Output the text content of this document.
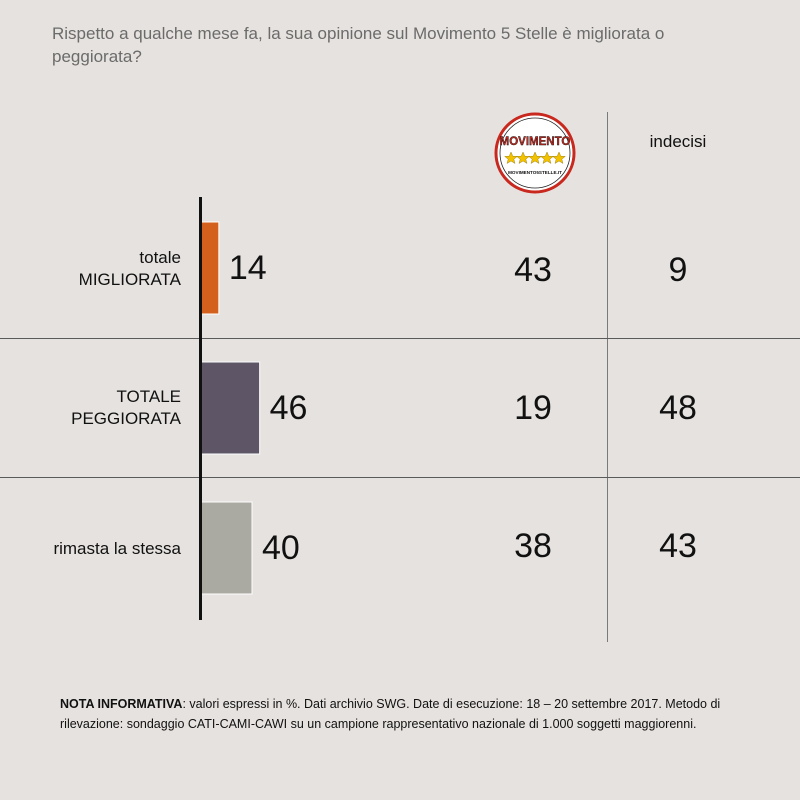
Rispetto a qualche mese fa, la sua opinione sul Movimento 5 Stelle è migliorata o peggiorata?
MOVIMENTO
MOVIMENTO5STELLE.IT
indecisi
totale
MIGLIORATA
TOTALE
PEGGIORATA
rimasta la stessa
14
46
40
43
19
38
9
48
43
NOTA INFORMATIVA: valori espressi in %. Dati archivio SWG. Date di esecuzione: 18 – 20 settembre 2017. Metodo di rilevazione: sondaggio CATI-CAMI-CAWI su un campione rappresentativo nazionale di 1.000 soggetti maggiorenni.
